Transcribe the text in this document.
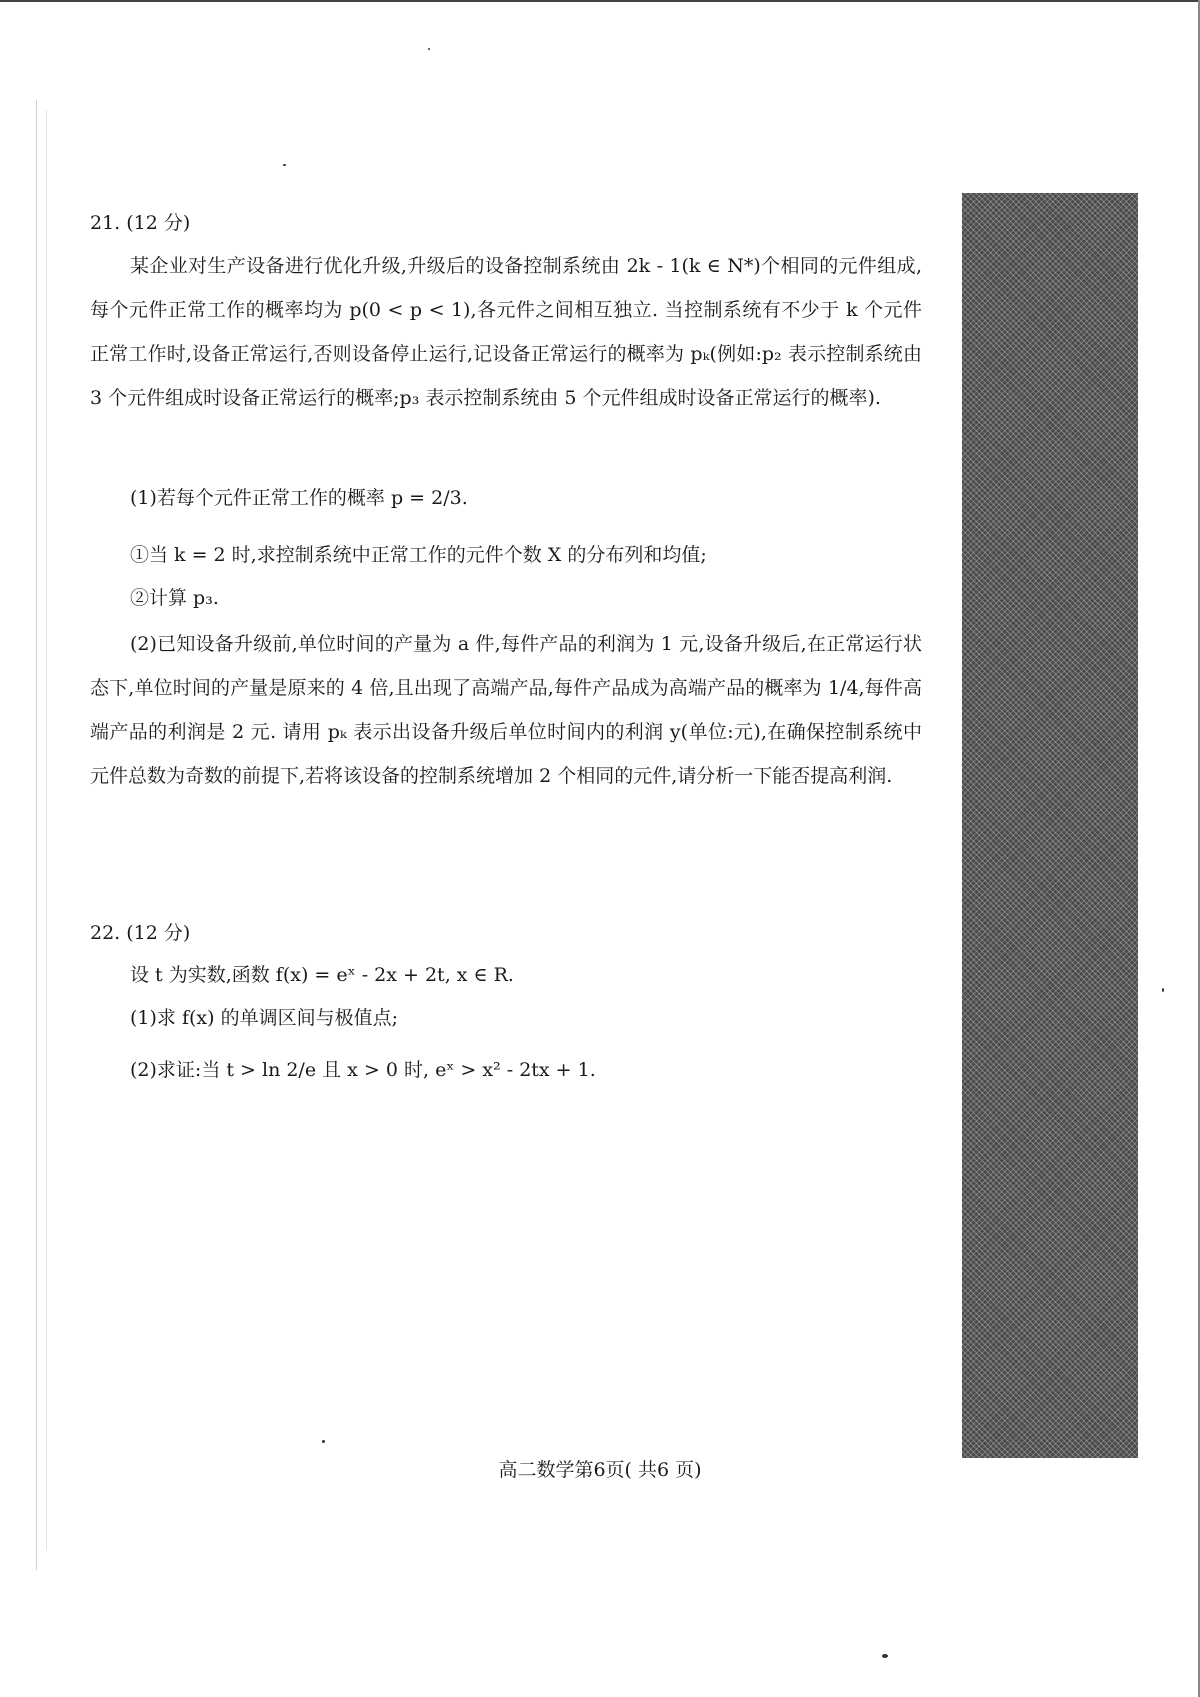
21. (12 分)
某企业对生产设备进行优化升级,升级后的设备控制系统由 2k - 1(k ∈ N*)个相同的元件组成,每个元件正常工作的概率均为 p(0 < p < 1),各元件之间相互独立. 当控制系统有不少于 k 个元件正常工作时,设备正常运行,否则设备停止运行,记设备正常运行的概率为 pₖ(例如:p₂ 表示控制系统由 3 个元件组成时设备正常运行的概率;p₃ 表示控制系统由 5 个元件组成时设备正常运行的概率).
(1)若每个元件正常工作的概率 p = 2/3.
①当 k = 2 时,求控制系统中正常工作的元件个数 X 的分布列和均值;
②计算 p₃.
(2)已知设备升级前,单位时间的产量为 a 件,每件产品的利润为 1 元,设备升级后,在正常运行状态下,单位时间的产量是原来的 4 倍,且出现了高端产品,每件产品成为高端产品的概率为 1/4,每件高端产品的利润是 2 元. 请用 pₖ 表示出设备升级后单位时间内的利润 y(单位:元),在确保控制系统中元件总数为奇数的前提下,若将该设备的控制系统增加 2 个相同的元件,请分析一下能否提高利润.
22. (12 分)
设 t 为实数,函数 f(x) = eˣ - 2x + 2t, x ∈ R.
(1)求 f(x) 的单调区间与极值点;
(2)求证:当 t > ln 2/e 且 x > 0 时, eˣ > x² - 2tx + 1.
高二数学第6页( 共6 页)
